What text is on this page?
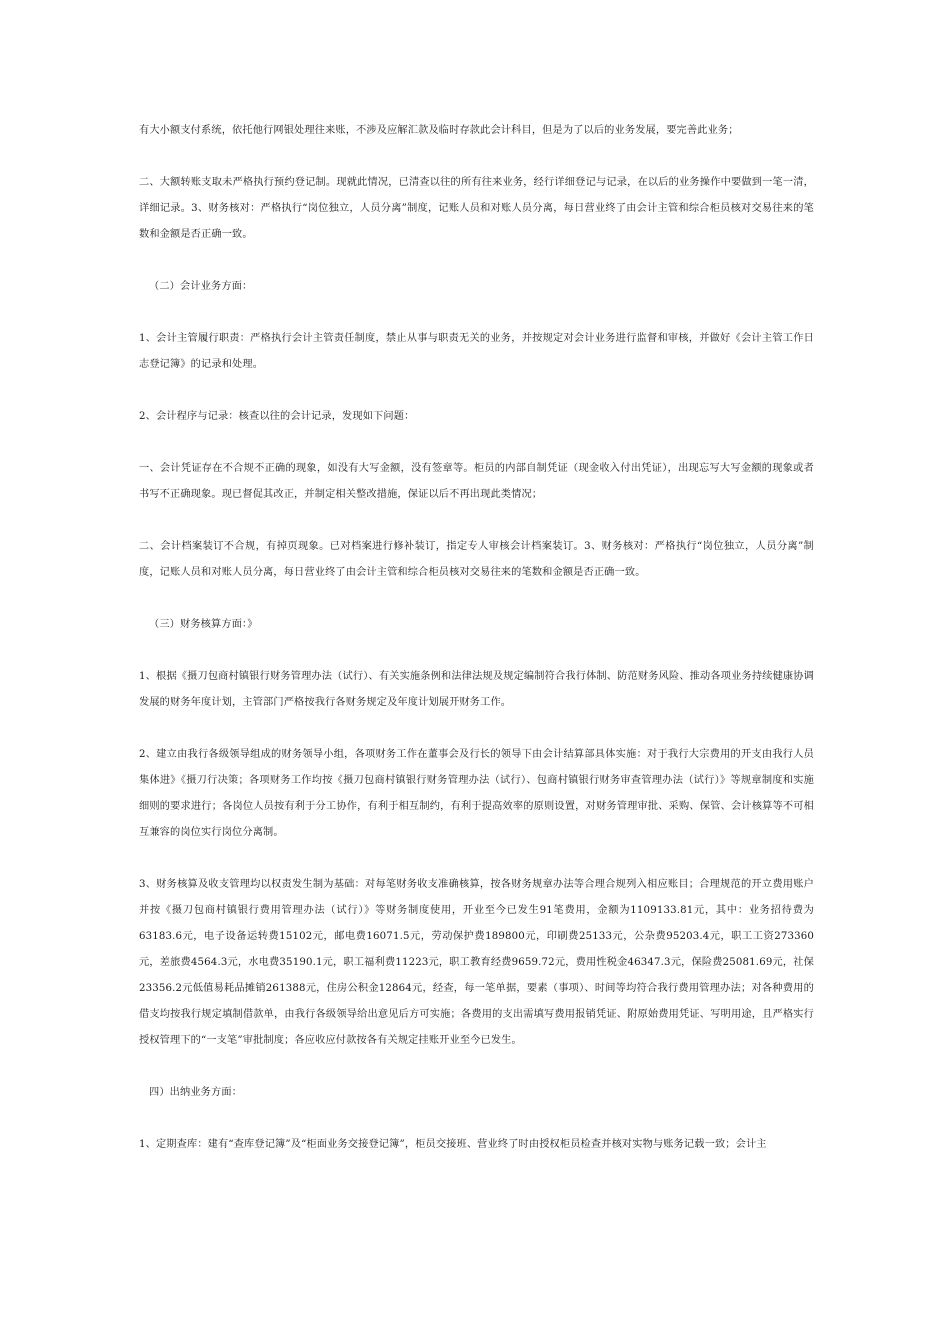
有大小额支付系统，依托他行网银处理往来账，不涉及应解汇款及临时存款此会计科目，但是为了以后的业务发展，要完善此业务；

二、大额转账支取未严格执行预约登记制。现就此情况，已清查以往的所有往来业务，经行详细登记与记录，在以后的业务操作中要做到一笔一清，详细记录。3、财务核对：严格执行“岗位独立，人员分离”制度，记账人员和对账人员分离，每日营业终了由会计主管和综合柜员核对交易往来的笔数和金额是否正确一致。

（二）会计业务方面：

1、会计主管履行职责：严格执行会计主管责任制度，禁止从事与职责无关的业务，并按规定对会计业务进行监督和审核，并做好《会计主管工作日志登记簿》的记录和处理。

2、会计程序与记录：核查以往的会计记录，发现如下问题：

一、会计凭证存在不合规不正确的现象，如没有大写金额，没有签章等。柜员的内部自制凭证（现金收入付出凭证），出现忘写大写金额的现象或者书写不正确现象。现已督促其改正，并制定相关整改措施，保证以后不再出现此类情况；

二、会计档案装订不合规，有掉页现象。已对档案进行修补装订，指定专人审核会计档案装订。3、财务核对：严格执行“岗位独立，人员分离”制度，记账人员和对账人员分离，每日营业终了由会计主管和综合柜员核对交易往来的笔数和金额是否正确一致。

（三）财务核算方面：》

1、根据《摄刀包商村镇银行财务管理办法（试行）、有关实施条例和法律法规及规定编制符合我行体制、防范财务风险、推动各项业务持续健康协调发展的财务年度计划，主管部门严格按我行各财务规定及年度计划展开财务工作。

2、建立由我行各级领导组成的财务领导小组，各项财务工作在董事会及行长的领导下由会计结算部具体实施：对于我行大宗费用的开支由我行人员集体进》《摄刀行决策；各项财务工作均按《摄刀包商村镇银行财务管理办法（试行）、包商村镇银行财务审查管理办法（试行）》等规章制度和实施细则的要求进行；各岗位人员按有利于分工协作，有利于相互制约，有利于提高效率的原则设置，对财务管理审批、采购、保管、会计核算等不可相互兼容的岗位实行岗位分离制。

3、财务核算及收支管理均以权责发生制为基础：对每笔财务收支准确核算，按各财务规章办法等合理合规列入相应账目；合理规范的开立费用账户并按《摄刀包商村镇银行费用管理办法（试行）》等财务制度使用，开业至今已发生91笔费用，金额为1109133.81元，其中：业务招待费为63183.6元，电子设备运转费15102元，邮电费16071.5元，劳动保护费189800元，印刷费25133元，公杂费95203.4元，职工工资273360元，差旅费4564.3元，水电费35190.1元，职工福利费11223元，职工教育经费9659.72元，费用性税金46347.3元，保险费25081.69元，社保23356.2元低值易耗品摊销261388元，住房公积金12864元，经查，每一笔单据，要素（事项）、时间等均符合我行费用管理办法；对各种费用的借支均按我行规定填制借款单，由我行各级领导给出意见后方可实施；各费用的支出需填写费用报销凭证、附原始费用凭证、写明用途，且严格实行授权管理下的“一支笔”审批制度；各应收应付款按各有关规定挂账开业至今已发生。

四）出纳业务方面：

1、定期查库：建有“查库登记簿”及“柜面业务交接登记簿”，柜员交接班、营业终了时由授权柜员检查并核对实物与账务记载一致；会计主
